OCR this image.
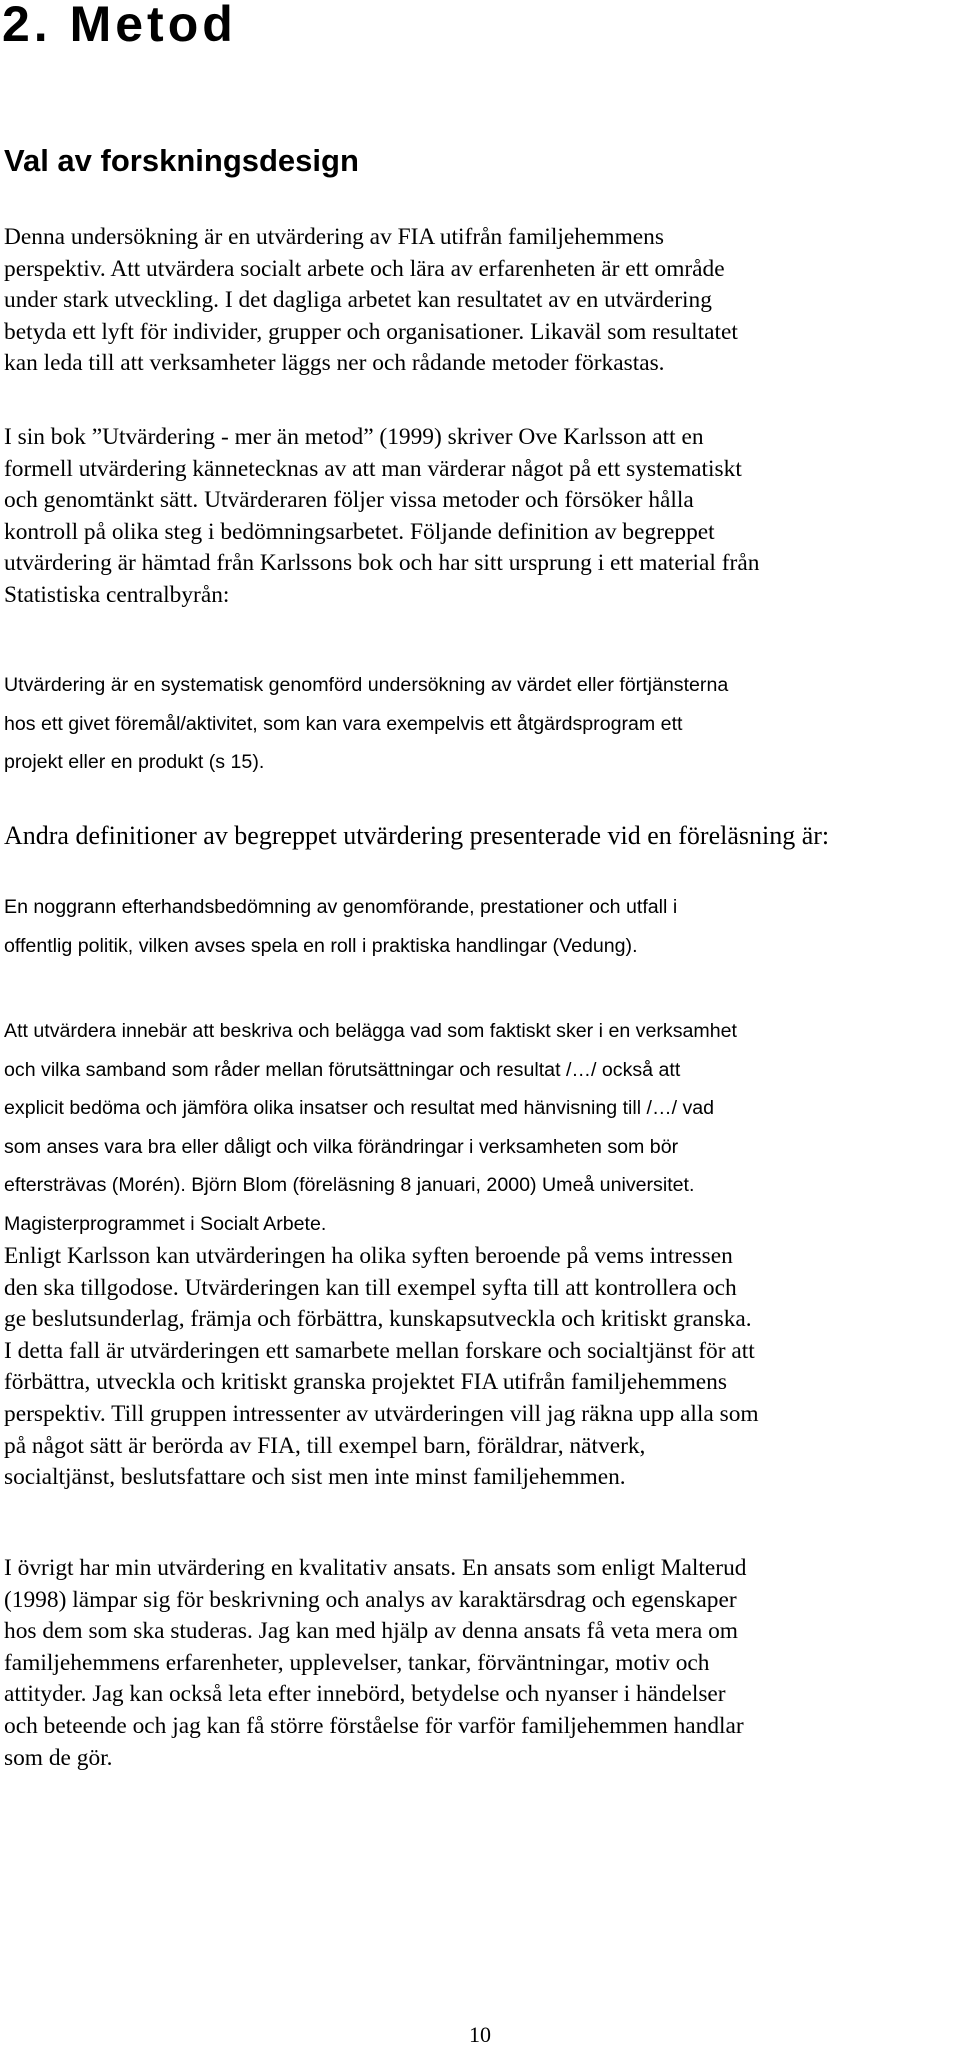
2. Metod
Val av forskningsdesign

Denna undersökning är en utvärdering av FIA utifrån familjehemmens
perspektiv. Att utvärdera socialt arbete och lära av erfarenheten är ett område
under stark utveckling. I det dagliga arbetet kan resultatet av en utvärdering
betyda ett lyft för individer, grupper och organisationer. Likaväl som resultatet
kan leda till att verksamheter läggs ner och rådande metoder förkastas.

I sin bok ”Utvärdering - mer än metod” (1999) skriver Ove Karlsson att en
formell utvärdering kännetecknas av att man värderar något på ett systematiskt
och genomtänkt sätt. Utvärderaren följer vissa metoder och försöker hålla
kontroll på olika steg i bedömningsarbetet. Följande definition av begreppet
utvärdering är hämtad från Karlssons bok och har sitt ursprung i ett material från
Statistiska centralbyrån:

Utvärdering är en systematisk genomförd undersökning av värdet eller förtjänsterna
hos ett givet föremål/aktivitet, som kan vara exempelvis ett åtgärdsprogram ett
projekt eller en produkt (s 15).

Andra definitioner av begreppet utvärdering presenterade vid en föreläsning är:

En noggrann efterhandsbedömning av genomförande, prestationer och utfall i
offentlig politik, vilken avses spela en roll i praktiska handlingar (Vedung).

Att utvärdera innebär att beskriva och belägga vad som faktiskt sker i en verksamhet
och vilka samband som råder mellan förutsättningar och resultat /…/ också att
explicit bedöma och jämföra olika insatser och resultat med hänvisning till /…/ vad
som anses vara bra eller dåligt och vilka förändringar i verksamheten som bör
eftersträvas (Morén). Björn Blom (föreläsning 8 januari, 2000) Umeå universitet.
Magisterprogrammet i Socialt Arbete.

Enligt Karlsson kan utvärderingen ha olika syften beroende på vems intressen
den ska tillgodose. Utvärderingen kan till exempel syfta till att kontrollera och
ge beslutsunderlag, främja och förbättra, kunskapsutveckla och kritiskt granska.
I detta fall är utvärderingen ett samarbete mellan forskare och socialtjänst för att
förbättra, utveckla och kritiskt granska projektet FIA utifrån familjehemmens
perspektiv. Till gruppen intressenter av utvärderingen vill jag räkna upp alla som
på något sätt är berörda av FIA, till exempel barn, föräldrar, nätverk,
socialtjänst, beslutsfattare och sist men inte minst familjehemmen.

I övrigt har min utvärdering en kvalitativ ansats. En ansats som enligt Malterud
(1998) lämpar sig för beskrivning och analys av karaktärsdrag och egenskaper
hos dem som ska studeras. Jag kan med hjälp av denna ansats få veta mera om
familjehemmens erfarenheter, upplevelser, tankar, förväntningar, motiv och
attityder. Jag kan också leta efter innebörd, betydelse och nyanser i händelser
och beteende och jag kan få större förståelse för varför familjehemmen handlar
som de gör.

10
